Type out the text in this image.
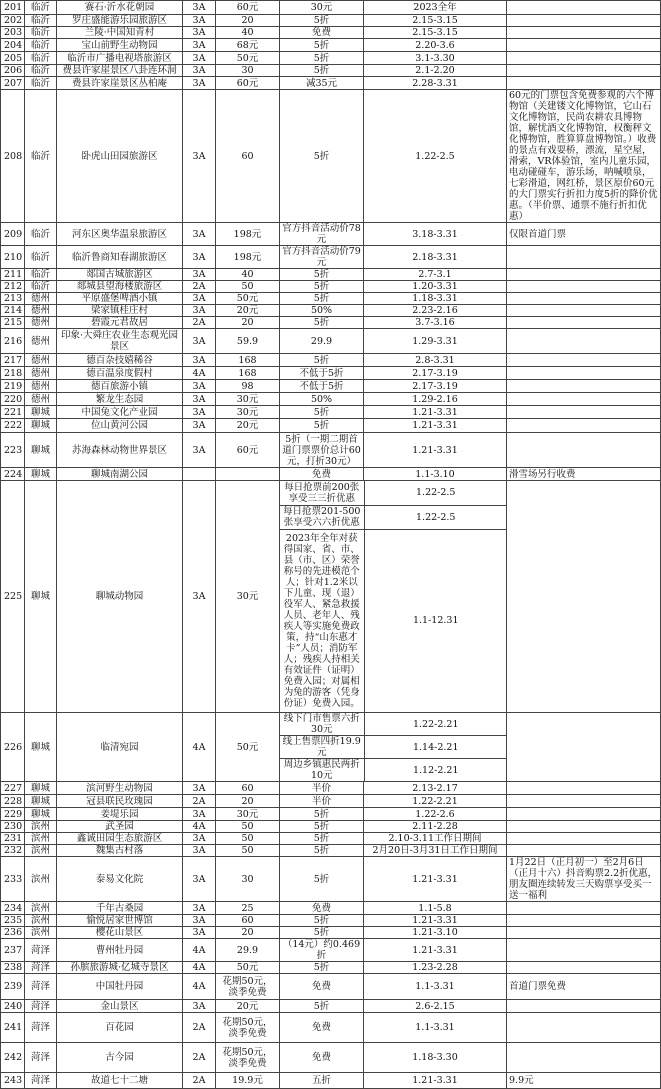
201	临沂	赛石·沂水花朝园	3A	60元	30元	2023全年	
202	临沂	罗庄盛能游乐园旅游区	3A	20	5折	2.15-3.15	
203	临沂	兰陵·中国知青村	3A	40	免费	2.15-3.15	
204	临沂	宝山前野生动物园	3A	68元	5折	2.20-3.6	
205	临沂	临沂市广播电视塔旅游区	3A	50元	5折	3.1-3.30	
206	临沂	费县许家崖景区八卦连环洞	3A	30	5折	2.1-2.20	
207	临沂	费县许家崖景区丛柏庵	3A	60元	减35元	2.28-3.31	
208	临沂	卧虎山田园旅游区	3A	60	5折	1.22-2.5	60元的门票包含免费参观的六个博物馆（关建镂文化博物馆，它山石文化博物馆，民尚农耕农具博物馆，解忧酒文化博物馆，权衡秤文化博物馆，胜算算盘博物馆。）收费的景点有戏耍桥，漂流，星空屋，滑索，VR体验馆，室内儿童乐园，电动碰碰车，游乐场，呐喊喷泉，七彩滑道，网红桥，景区原价60元的大门票实行折扣力度5折的降价优惠。（半价票、通票不施行折扣优惠）
209	临沂	河东区奥华温泉旅游区	3A	198元	官方抖音活动价78元	3.18-3.31	仅限首道门票
210	临沂	临沂鲁商知春湖旅游区	3A	198元	官方抖音活动价79元	2.18-3.31	
211	临沂	郯国古城旅游区	3A	40	5折	2.7-3.1	
212	临沂	郯城县望海楼旅游区	2A	50	5折	1.20-3.31	
213	德州	平原盛堡啤酒小镇	3A	50元	5折	1.18-3.31	
214	德州	梁家镇桂庄村	3A	20元	50%	2.23-2.16	
215	德州	碧霞元君故居	2A	20	5折	3.7-3.16	
216	德州	印象·大舜庄农业生态观光园景区	3A	59.9	29.9	1.29-3.31	
217	德州	德百杂技嬉稀谷	3A	168	5折	2.8-3.31	
218	德州	德百温泉度假村	4A	168	不低于5折	2.17-3.19	
219	德州	德百旅游小镇	3A	98	不低于5折	2.17-3.19	
220	德州	繁龙生态园	3A	30元	50%	1.29-2.16	
221	聊城	中国兔文化产业园	3A	30元	5折	1.21-3.31	
222	聊城	位山黄河公园	3A	20元	5折	1.21-3.31	
223	聊城	苏海森林动物世界景区	3A	60元	5折（一期二期首道门票票价总计60元，打折30元）	1.21-3.31	
224	聊城	聊城南湖公园			免费	1.1-3.10	滑雪场另行收费
225	聊城	聊城动物园	3A	30元	
每日抢票前200张享受三三折优惠	1.22-2.5
每日抢票201-500张享受六六折优惠	1.22-2.5
2023年全年对获得国家、省、市、县（市、区）荣誉称号的先进模范个人；针对1.2米以下儿童、现（退）役军人、紧急救援人员、老年人、残疾人等实施免费政策，持“山东惠才卡”人员；消防军人；残疾人持相关有效证件（证明）免费入园；对属相为兔的游客（凭身份证）免费入园。	1.1-12.31

226	聊城	临清宛园	4A	50元	
线下门市售票六折30元	1.22-2.21
线上售票四折19.9元	1.14-2.21
周边乡镇惠民两折10元	1.12-2.21

227	聊城	滨河野生动物园	3A	60	半价	2.13-2.17	
228	聊城	冠县联民玫瑰园	2A	20	半价	1.22-2.21	
229	聊城	姜堤乐园	3A	30元	5折	1.22-2.6	
230	滨州	武圣园	4A	50	5折	2.11-2.28	
231	滨州	鑫诚田园生态旅游区	3A	50	5折	2.10-3.11工作日期间	
232	滨州	魏集古村落	3A	50	5折	2月20日-3月31日工作日期间	
233	滨州	泰易文化院	3A	30	5折	1.21-3.31	1月22日（正月初一）至2月6日（正月十六）抖音购票2.2折优惠，朋友圈连续转发三天购票享受买一送一福利
234	滨州	千年古桑园	3A	25	免费	1.1-5.8	
235	滨州	愉悦居家世博馆	3A	60	5折	1.21-3.31	
236	滨州	樱花山景区	3A	20	5折	1.21-3.10	
237	菏泽	曹州牡丹园	4A	29.9	（14元）约0.469折	1.21-3.31	
238	菏泽	孙膑旅游城·亿城寺景区	4A	50元	5折	1.23-2.28	
239	菏泽	中国牡丹园	4A	花期50元，淡季免费	免费	1.1-3.31	首道门票免费
240	菏泽	金山景区	3A	20元	5折	2.6-2.15	
241	菏泽	百花园	2A	花期50元，淡季免费	免费	1.1-3.31	
242	菏泽	古今园	2A	花期50元，淡季免费	免费	1.18-3.30	
243	菏泽	故道七十二塘	2A	19.9元	五折	1.21-3.31	9.9元
